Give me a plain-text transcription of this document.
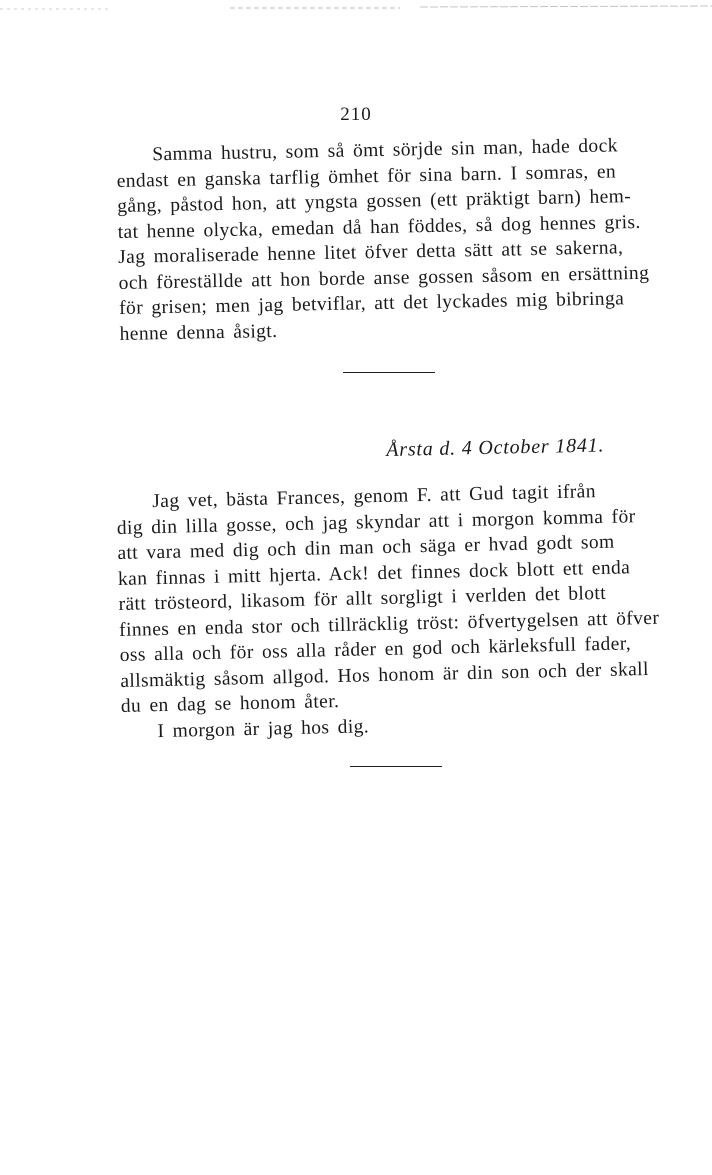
210
Samma hustru, som så ömt sörjde sin man, hade dock
endast en ganska tarflig ömhet för sina barn. I somras, en
gång, påstod hon, att yngsta gossen (ett präktigt barn) hem-
tat henne olycka, emedan då han föddes, så dog hennes gris.
Jag moraliserade henne litet öfver detta sätt att se sakerna,
och föreställde att hon borde anse gossen såsom en ersättning
för grisen; men jag betviflar, att det lyckades mig bibringa
henne denna åsigt.
Årsta d. 4 October 1841.
Jag vet, bästa Frances, genom F. att Gud tagit ifrån
dig din lilla gosse, och jag skyndar att i morgon komma för
att vara med dig och din man och säga er hvad godt som
kan finnas i mitt hjerta. Ack! det finnes dock blott ett enda
rätt trösteord, likasom för allt sorgligt i verlden det blott
finnes en enda stor och tillräcklig tröst: öfvertygelsen att öfver
oss alla och för oss alla råder en god och kärleksfull fader,
allsmäktig såsom allgod. Hos honom är din son och der skall
du en dag se honom åter.
I morgon är jag hos dig.
